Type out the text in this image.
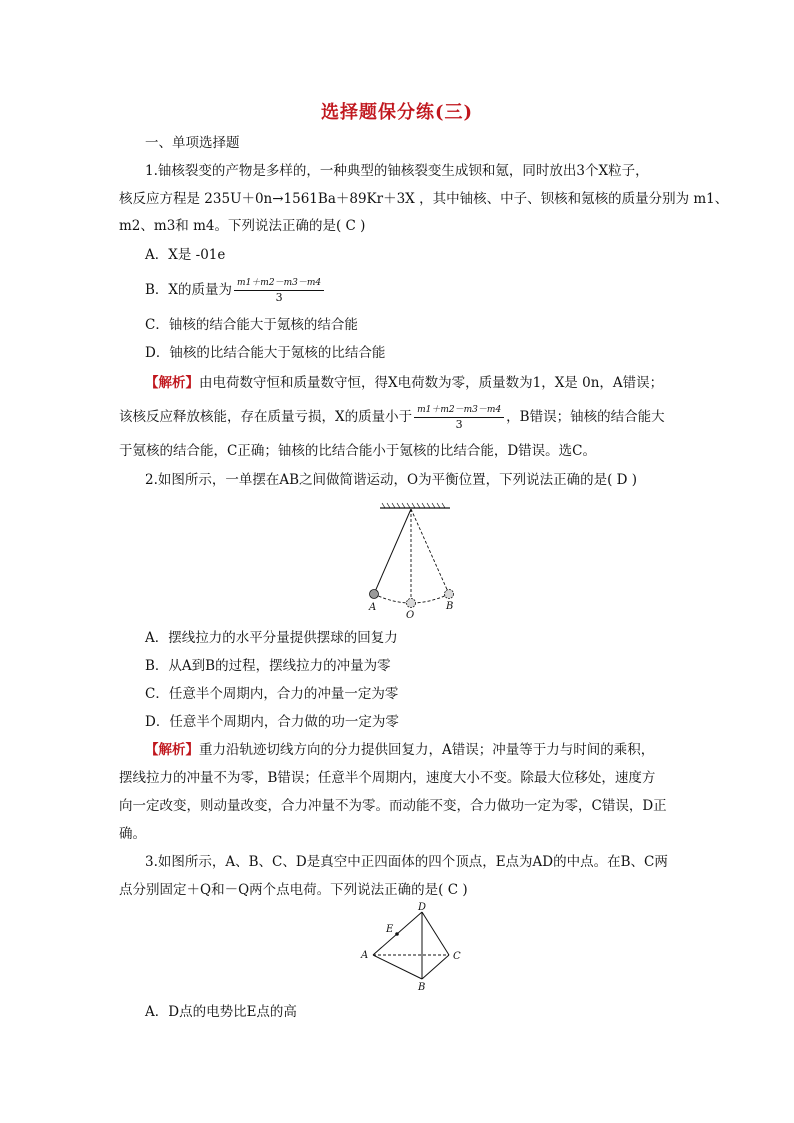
选择题保分练(三)
一、单项选择题
1.铀核裂变的产物是多样的，一种典型的铀核裂变生成钡和氪，同时放出3个X粒子，
核反应方程是 235U＋0n→1561Ba＋89Kr＋3X ，其中铀核、中子、钡核和氪核的质量分别为 m1、
m2、m3和 m4。下列说法正确的是( C )
A．X是 -01e
B．X的质量为 $\frac{m1+m2-m3-m4}{3}$
C．铀核的结合能大于氪核的结合能
D．铀核的比结合能大于氪核的比结合能
【解析】由电荷数守恒和质量数守恒，得X电荷数为零，质量数为1，X是 0n，A错误；
该核反应释放核能，存在质量亏损，X的质量小于 $\frac{m1+m2-m3-m4}{3}$ ，B错误；铀核的结合能大
于氪核的结合能，C正确；铀核的比结合能小于氪核的比结合能，D错误。选C。
2.如图所示，一单摆在AB之间做简谐运动，O为平衡位置，下列说法正确的是( D )
A
O
B
A．摆线拉力的水平分量提供摆球的回复力
B．从A到B的过程，摆线拉力的冲量为零
C．任意半个周期内，合力的冲量一定为零
D．任意半个周期内，合力做的功一定为零
【解析】重力沿轨迹切线方向的分力提供回复力，A错误；冲量等于力与时间的乘积，
摆线拉力的冲量不为零，B错误；任意半个周期内，速度大小不变。除最大位移处，速度方
向一定改变，则动量改变，合力冲量不为零。而动能不变，合力做功一定为零，C错误，D正
确。
3.如图所示，A、B、C、D是真空中正四面体的四个顶点，E点为AD的中点。在B、C两
点分别固定＋Q和－Q两个点电荷。下列说法正确的是( C )
D
E
A	C
B
A．D点的电势比E点的高
